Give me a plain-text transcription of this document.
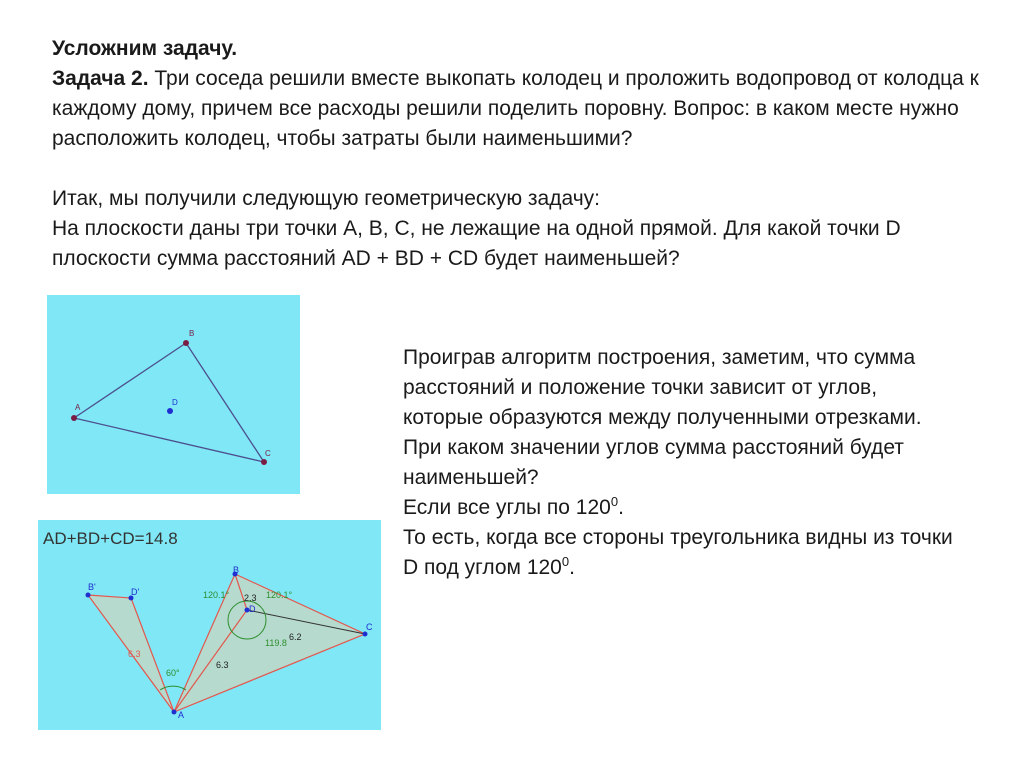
Усложним задачу.

Задача 2. Три соседа решили вместе выкопать колодец и проложить водопровод от колодца к каждому дому, причем все расходы решили поделить поровну. Вопрос: в каком месте нужно расположить колодец, чтобы затраты были наименьшими?

Итак, мы получили следующую геометрическую задачу:

На плоскости даны три точки A, B, C, не лежащие на одной прямой. Для какой точки D плоскости сумма расстояний AD + BD + CD будет наименьшей?

A
B
C
D
AD+BD+CD=14.8
B'	D'
B
D
C
A
120.1°	120.1°
119.8
60°
2.3
6.2
6.3
6.3

Проиграв алгоритм построения, заметим, что сумма расстояний и положение точки зависит от углов, которые образуются между полученными отрезками. При каком значении углов сумма расстояний будет наименьшей?

Если все углы по $120^0$.

То есть, когда все стороны треугольника видны из точки D под углом $120^0$.
